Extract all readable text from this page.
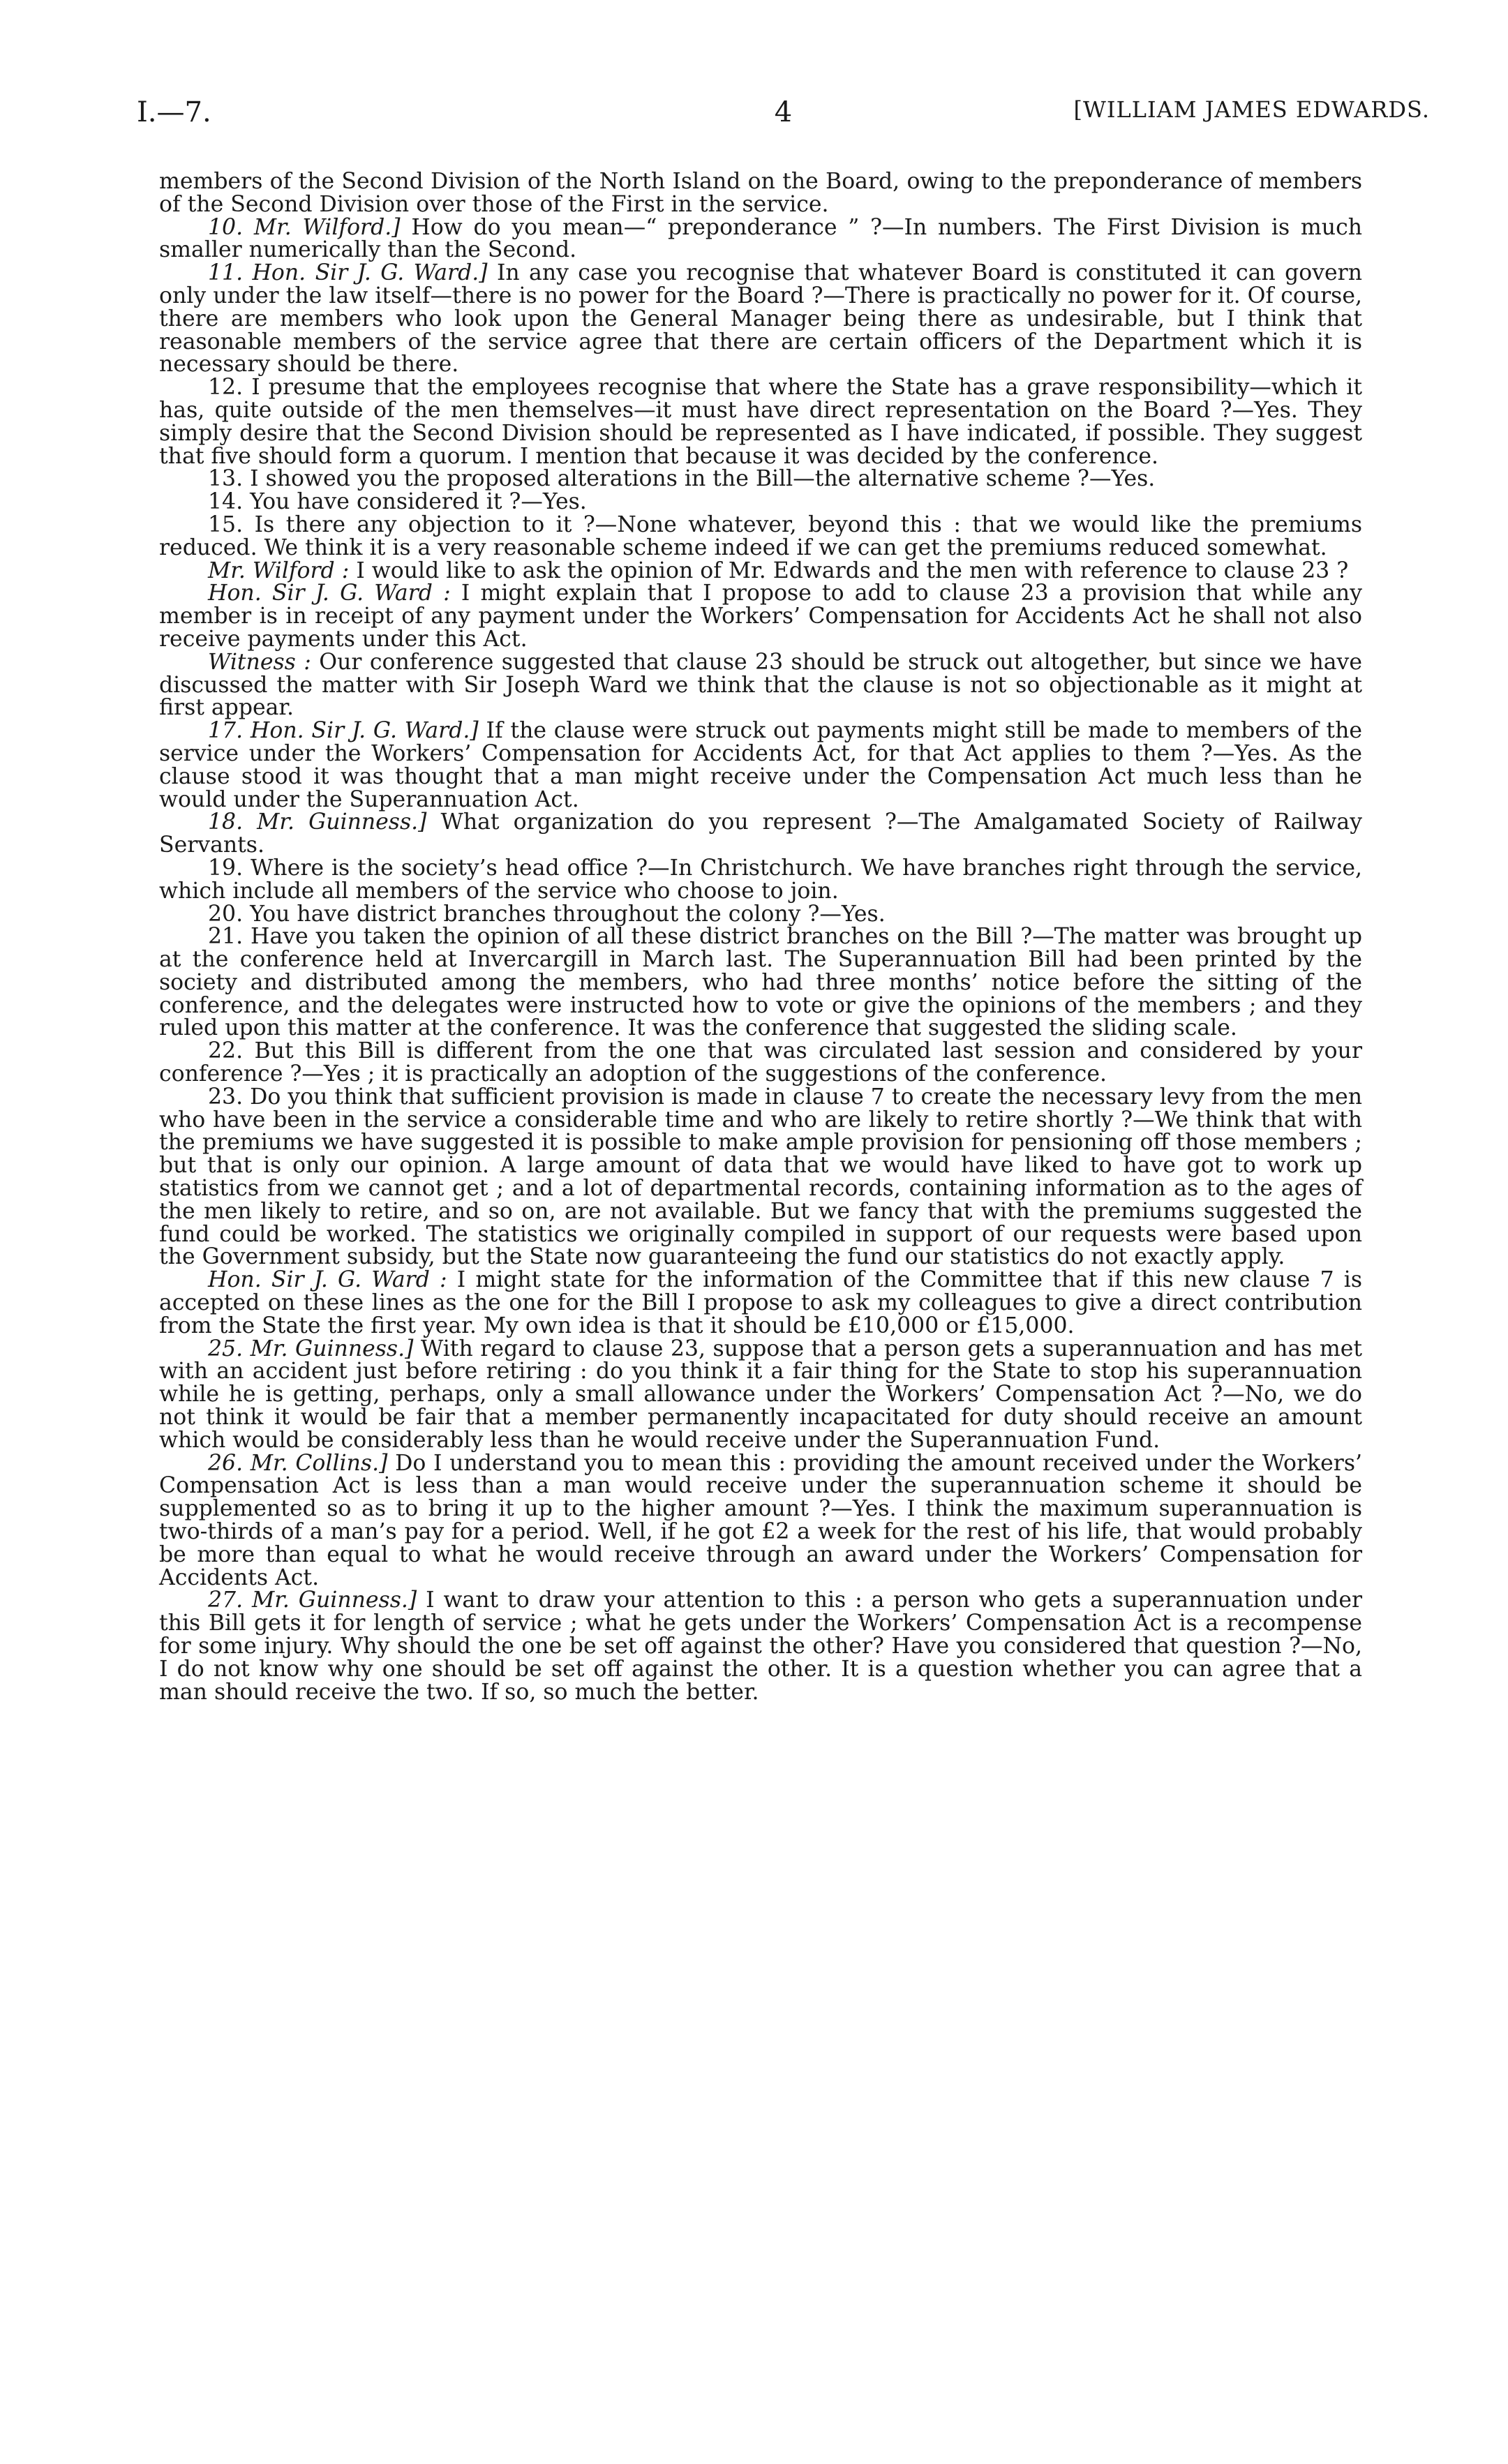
I.—7.	4	[WILLIAM JAMES EDWARDS.

members of the Second Division of the North Island on the Board, owing to the preponderance of members of the Second Division over those of the First in the service.

10. Mr. Wilford.] How do you mean—“ preponderance ” ?—In numbers. The First Division is much smaller numerically than the Second.

11. Hon. Sir J. G. Ward.] In any case you recognise that whatever Board is constituted it can govern only under the law itself—there is no power for the Board ?—There is practically no power for it. Of course, there are members who look upon the General Manager being there as undesirable, but I think that reasonable members of the service agree that there are certain officers of the Department which it is necessary should be there.

12. I presume that the employees recognise that where the State has a grave responsibility—which it has, quite outside of the men themselves—it must have direct representation on the Board ?—Yes. They simply desire that the Second Division should be represented as I have indicated, if possible. They suggest that five should form a quorum. I mention that because it was decided by the conference.

13. I showed you the proposed alterations in the Bill—the alternative scheme ?—Yes.

14. You have considered it ?—Yes.

15. Is there any objection to it ?—None whatever, beyond this : that we would like the premiums reduced. We think it is a very reasonable scheme indeed if we can get the premiums reduced somewhat.

Mr. Wilford : I would like to ask the opinion of Mr. Edwards and the men with reference to clause 23 ?

Hon. Sir J. G. Ward : I might explain that I propose to add to clause 23 a provision that while any member is in receipt of any payment under the Workers’ Compensation for Accidents Act he shall not also receive payments under this Act.

Witness : Our conference suggested that clause 23 should be struck out altogether, but since we have discussed the matter with Sir Joseph Ward we think that the clause is not so objectionable as it might at first appear.

17. Hon. Sir J. G. Ward.] If the clause were struck out payments might still be made to members of the service under the Workers’ Compensation for Accidents Act, for that Act applies to them ?—Yes. As the clause stood it was thought that a man might receive under the Compensation Act much less than he would under the Superannuation Act.

18. Mr. Guinness.] What organization do you represent ?—The Amalgamated Society of Railway Servants.

19. Where is the society’s head office ?—In Christchurch. We have branches right through the service, which include all members of the service who choose to join.

20. You have district branches throughout the colony ?—Yes.

21. Have you taken the opinion of all these district branches on the Bill ?—The matter was brought up at the conference held at Invercargill in March last. The Superannuation Bill had been printed by the society and distributed among the members, who had three months’ notice before the sitting of the conference, and the delegates were instructed how to vote or give the opinions of the members ; and they ruled upon this matter at the conference. It was the conference that suggested the sliding scale.

22. But this Bill is different from the one that was circulated last session and considered by your conference ?—Yes ; it is practically an adoption of the suggestions of the conference.

23. Do you think that sufficient provision is made in clause 7 to create the necessary levy from the men who have been in the service a considerable time and who are likely to retire shortly ?—We think that with the premiums we have suggested it is possible to make ample provision for pensioning off those members ; but that is only our opinion. A large amount of data that we would have liked to have got to work up statistics from we cannot get ; and a lot of departmental records, containing information as to the ages of the men likely to retire, and so on, are not available. But we fancy that with the premiums suggested the fund could be worked. The statistics we originally compiled in support of our requests were based upon the Government subsidy, but the State now guaranteeing the fund our statistics do not exactly apply.

Hon. Sir J. G. Ward : I might state for the information of the Committee that if this new clause 7 is accepted on these lines as the one for the Bill I propose to ask my colleagues to give a direct contribution from the State the first year. My own idea is that it should be £10,000 or £15,000.

25. Mr. Guinness.] With regard to clause 23, suppose that a person gets a superannuation and has met with an accident just before retiring : do you think it a fair thing for the State to stop his superannuation while he is getting, perhaps, only a small allowance under the Workers’ Compensation Act ?—No, we do not think it would be fair that a member permanently incapacitated for duty should receive an amount which would be considerably less than he would receive under the Superannuation Fund.

26. Mr. Collins.] Do I understand you to mean this : providing the amount received under the Workers’ Compensation Act is less than a man would receive under the superannuation scheme it should be supplemented so as to bring it up to the higher amount ?—Yes. I think the maximum superannuation is two-thirds of a man’s pay for a period. Well, if he got £2 a week for the rest of his life, that would probably be more than equal to what he would receive through an award under the Workers’ Compensation for Accidents Act.

27. Mr. Guinness.] I want to draw your attention to this : a person who gets a superannuation under this Bill gets it for length of service ; what he gets under the Workers’ Compensation Act is a recompense for some injury. Why should the one be set off against the other? Have you considered that question ?—No, I do not know why one should be set off against the other. It is a question whether you can agree that a man should receive the two. If so, so much the better.
